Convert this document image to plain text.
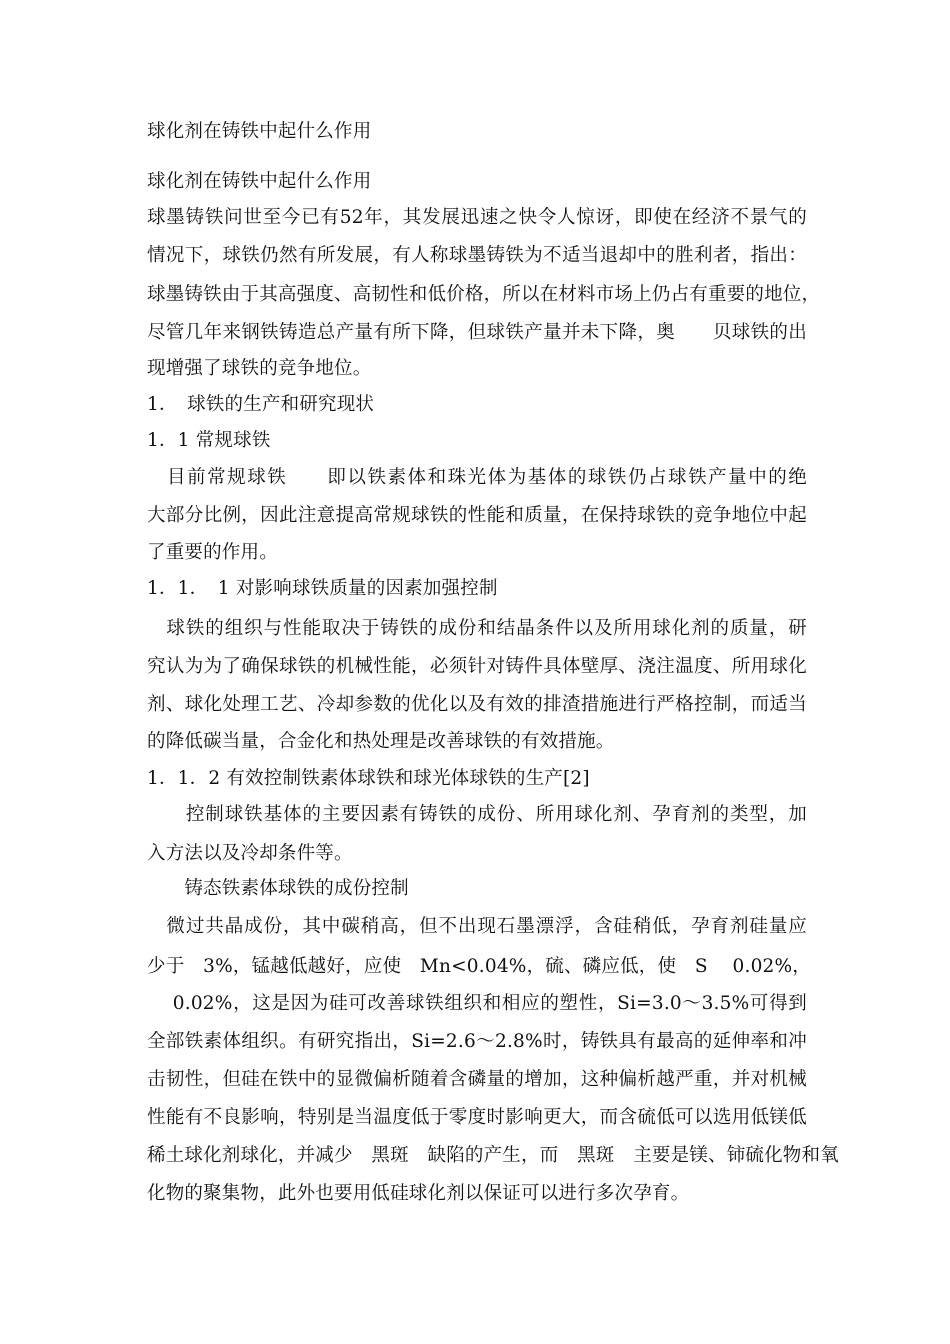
球化剂在铸铁中起什么作用
球化剂在铸铁中起什么作用
球墨铸铁问世至今已有52年，其发展迅速之快令人惊讶，即使在经济不景气的
情况下，球铁仍然有所发展，有人称球墨铸铁为不适当退却中的胜利者，指出：
球墨铸铁由于其高强度、高韧性和低价格，所以在材料市场上仍占有重要的地位，
尽管几年来钢铁铸造总产量有所下降，但球铁产量并未下降，奥　　贝球铁的出
现增强了球铁的竞争地位。
1．　球铁的生产和研究现状
1．1 常规球铁
　目前常规球铁　　即以铁素体和珠光体为基体的球铁仍占球铁产量中的绝
大部分比例，因此注意提高常规球铁的性能和质量，在保持球铁的竞争地位中起
了重要的作用。
1．1．　1 对影响球铁质量的因素加强控制
　球铁的组织与性能取决于铸铁的成份和结晶条件以及所用球化剂的质量，研
究认为为了确保球铁的机械性能，必须针对铸件具体壁厚、浇注温度、所用球化
剂、球化处理工艺、冷却参数的优化以及有效的排渣措施进行严格控制，而适当
的降低碳当量，合金化和热处理是改善球铁的有效措施。
1．1．2 有效控制铁素体球铁和球光体球铁的生产[2]
　　控制球铁基体的主要因素有铸铁的成份、所用球化剂、孕育剂的类型，加
入方法以及冷却条件等。
　　铸态铁素体球铁的成份控制
　微过共晶成份，其中碳稍高，但不出现石墨漂浮，含硅稍低，孕育剂硅量应
少于　3%，锰越低越好，应使　Mn<0.04%，硫、磷应低，使　S　 0.02%，
　 0.02%，这是因为硅可改善球铁组织和相应的塑性，Si=3.0～3.5%可得到
全部铁素体组织。有研究指出，Si=2.6～2.8%时，铸铁具有最高的延伸率和冲
击韧性，但硅在铁中的显微偏析随着含磷量的增加，这种偏析越严重，并对机械
性能有不良影响，特别是当温度低于零度时影响更大，而含硫低可以选用低镁低
稀土球化剂球化，并减少　黑斑　缺陷的产生，而　黑斑　主要是镁、铈硫化物和氧
化物的聚集物，此外也要用低硅球化剂以保证可以进行多次孕育。
